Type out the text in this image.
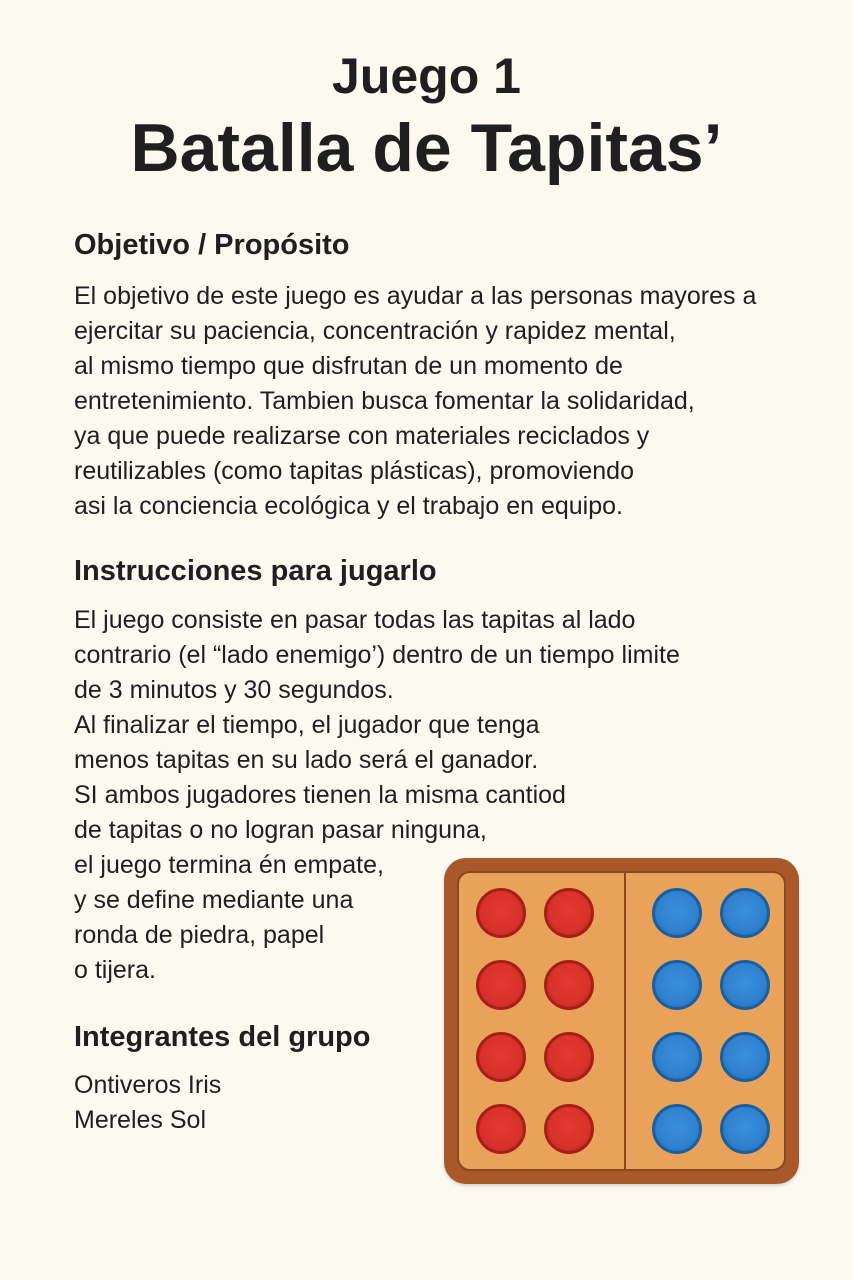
Juego 1
Batalla de Tapitas’
Objetivo / Propósito
El objetivo de este juego es ayudar a las personas mayores a
ejercitar su paciencia, concentración y rapidez mental,
al mismo tiempo que disfrutan de un momento de
entretenimiento. Tambien busca fomentar la solidaridad,
ya que puede realizarse con materiales reciclados y
reutilizables (como tapitas plásticas), promoviendo
asi la conciencia ecológica y el trabajo en equipo.
Instrucciones para jugarlo
El juego consiste en pasar todas las tapitas al lado
contrario (el “lado enemigo’) dentro de un tiempo limite
de 3 minutos y 30 segundos.
Al finalizar el tiempo, el jugador que tenga
menos tapitas en su lado será el ganador.
SI ambos jugadores tienen la misma cantiod
de tapitas o no logran pasar ninguna,
el juego termina én empate,
y se define mediante una
ronda de piedra, papel
o tijera.
Integrantes del grupo
Ontiveros Iris
Mereles Sol
